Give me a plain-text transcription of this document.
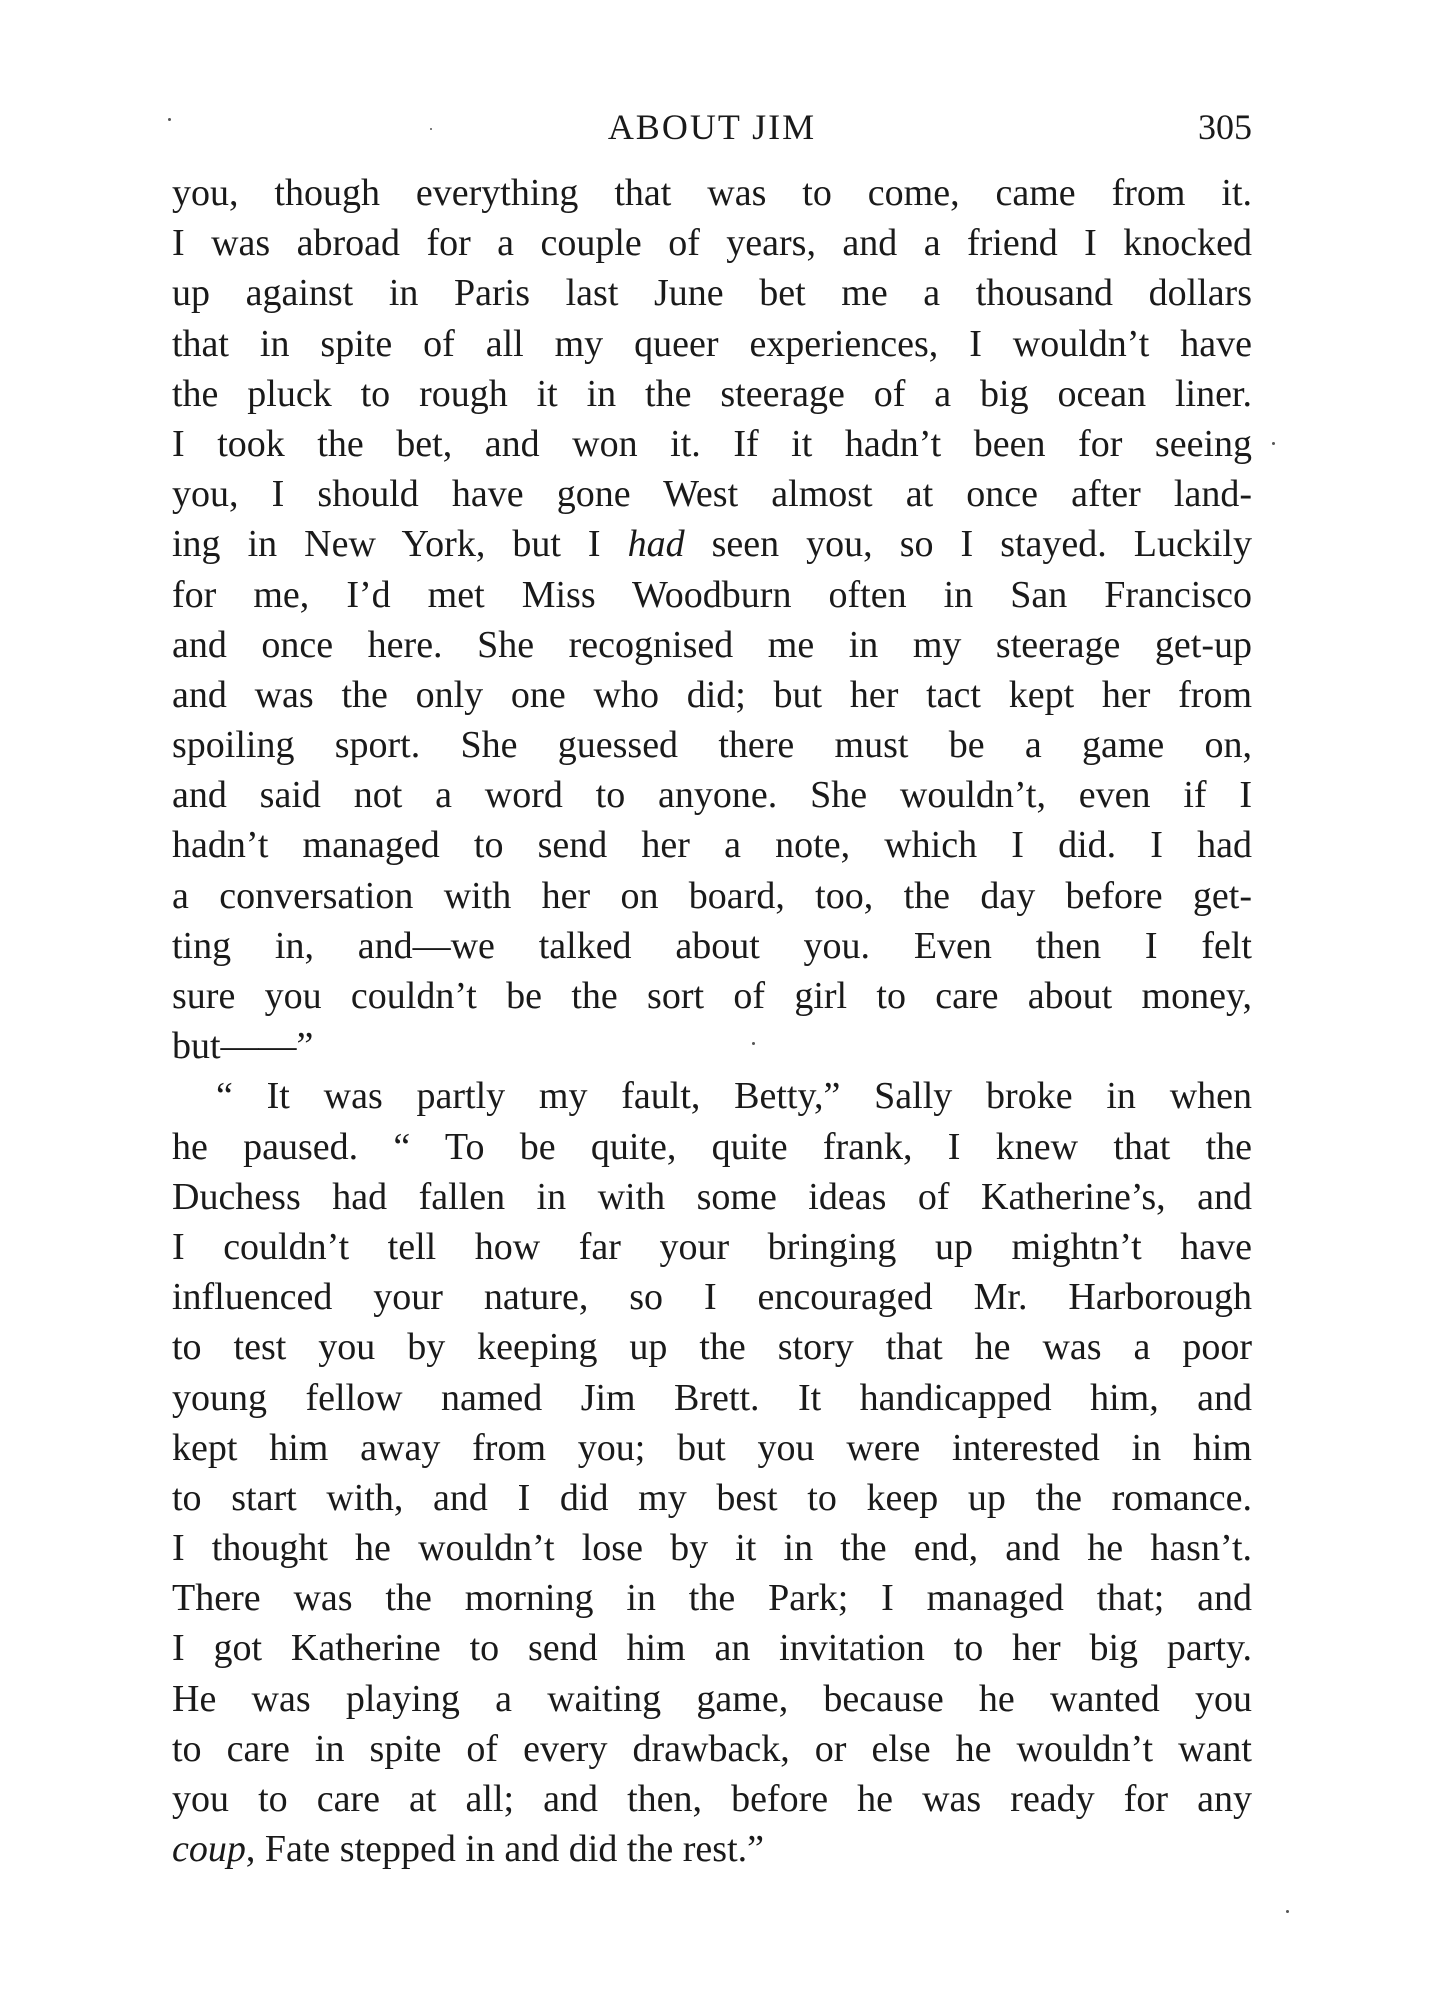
ABOUT JIM	305
you, though everything that was to come, came from it.
I was abroad for a couple of years, and a friend I knocked
up against in Paris last June bet me a thousand dollars
that in spite of all my queer experiences, I wouldn’t have
the pluck to rough it in the steerage of a big ocean liner.
I took the bet, and won it. If it hadn’t been for seeing
you, I should have gone West almost at once after land-
ing in New York, but I had seen you, so I stayed. Luckily
for me, I’d met Miss Woodburn often in San Francisco
and once here. She recognised me in my steerage get-up
and was the only one who did; but her tact kept her from
spoiling sport. She guessed there must be a game on,
and said not a word to anyone. She wouldn’t, even if I
hadn’t managed to send her a note, which I did. I had
a conversation with her on board, too, the day before get-
ting in, and—we talked about you. Even then I felt
sure you couldn’t be the sort of girl to care about money,
but——”
“ It was partly my fault, Betty,” Sally broke in when
he paused. “ To be quite, quite frank, I knew that the
Duchess had fallen in with some ideas of Katherine’s, and
I couldn’t tell how far your bringing up mightn’t have
influenced your nature, so I encouraged Mr. Harborough
to test you by keeping up the story that he was a poor
young fellow named Jim Brett. It handicapped him, and
kept him away from you; but you were interested in him
to start with, and I did my best to keep up the romance.
I thought he wouldn’t lose by it in the end, and he hasn’t.
There was the morning in the Park; I managed that; and
I got Katherine to send him an invitation to her big party.
He was playing a waiting game, because he wanted you
to care in spite of every drawback, or else he wouldn’t want
you to care at all; and then, before he was ready for any
coup, Fate stepped in and did the rest.”
